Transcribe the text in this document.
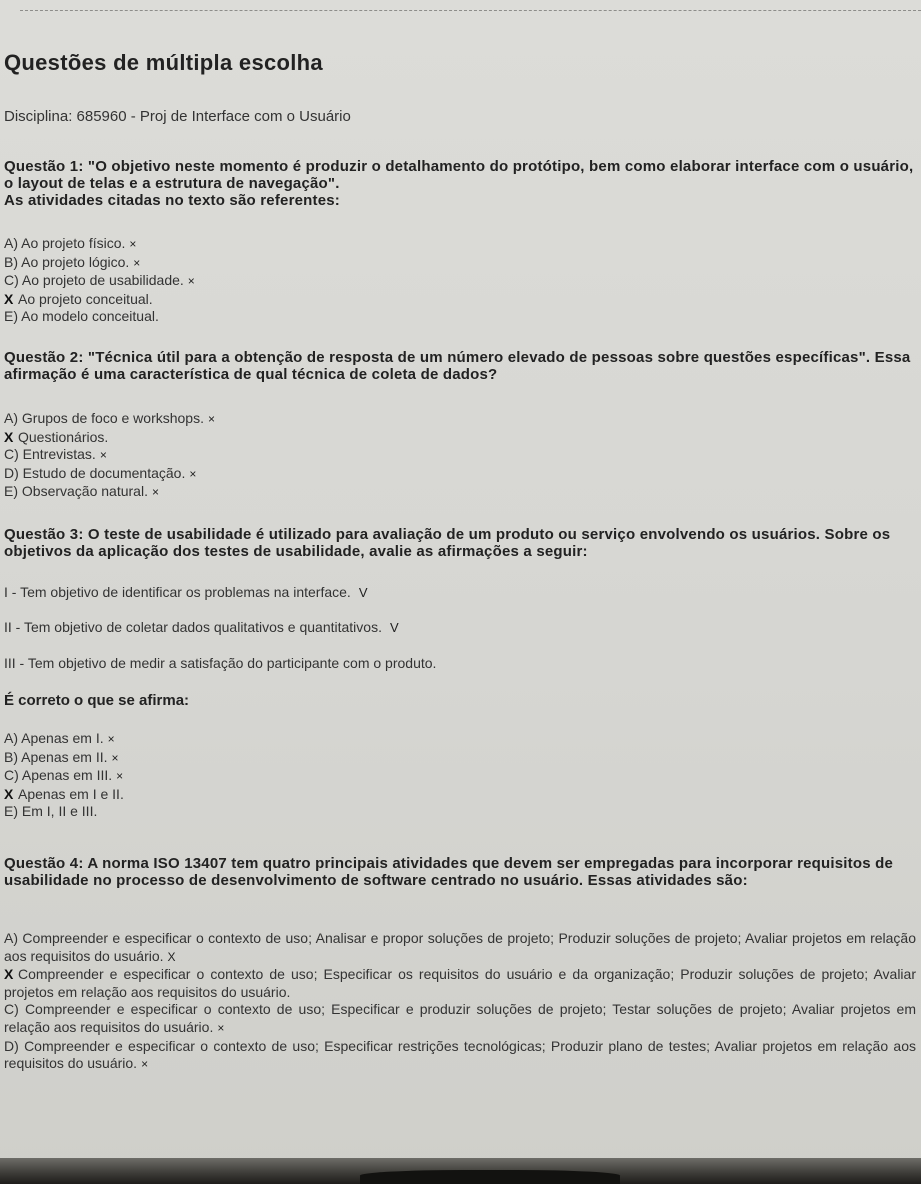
Questões de múltipla escolha
Disciplina: 685960 - Proj de Interface com o Usuário
Questão 1: "O objetivo neste momento é produzir o detalhamento do protótipo, bem como elaborar interface com o usuário, o layout de telas e a estrutura de navegação".
As atividades citadas no texto são referentes:
A) Ao projeto físico. ×
B) Ao projeto lógico. ×
C) Ao projeto de usabilidade. ×
X Ao projeto conceitual.
E) Ao modelo conceitual.
Questão 2: "Técnica útil para a obtenção de resposta de um número elevado de pessoas sobre questões específicas". Essa afirmação é uma característica de qual técnica de coleta de dados?
A) Grupos de foco e workshops. ×
X Questionários.
C) Entrevistas. ×
D) Estudo de documentação. ×
E) Observação natural. ×
Questão 3: O teste de usabilidade é utilizado para avaliação de um produto ou serviço envolvendo os usuários. Sobre os objetivos da aplicação dos testes de usabilidade, avalie as afirmações a seguir:
I - Tem objetivo de identificar os problemas na interface. V
II - Tem objetivo de coletar dados qualitativos e quantitativos. V
III - Tem objetivo de medir a satisfação do participante com o produto.
É correto o que se afirma:
A) Apenas em I. ×
B) Apenas em II. ×
C) Apenas em III. ×
X Apenas em I e II.
E) Em I, II e III.
Questão 4: A norma ISO 13407 tem quatro principais atividades que devem ser empregadas para incorporar requisitos de usabilidade no processo de desenvolvimento de software centrado no usuário. Essas atividades são:
A) Compreender e especificar o contexto de uso; Analisar e propor soluções de projeto; Produzir soluções de projeto; Avaliar projetos em relação aos requisitos do usuário. X
X Compreender e especificar o contexto de uso; Especificar os requisitos do usuário e da organização; Produzir soluções de projeto; Avaliar projetos em relação aos requisitos do usuário.
C) Compreender e especificar o contexto de uso; Especificar e produzir soluções de projeto; Testar soluções de projeto; Avaliar projetos em relação aos requisitos do usuário. ×
D) Compreender e especificar o contexto de uso; Especificar restrições tecnológicas; Produzir plano de testes; Avaliar projetos em relação aos requisitos do usuário. ×
